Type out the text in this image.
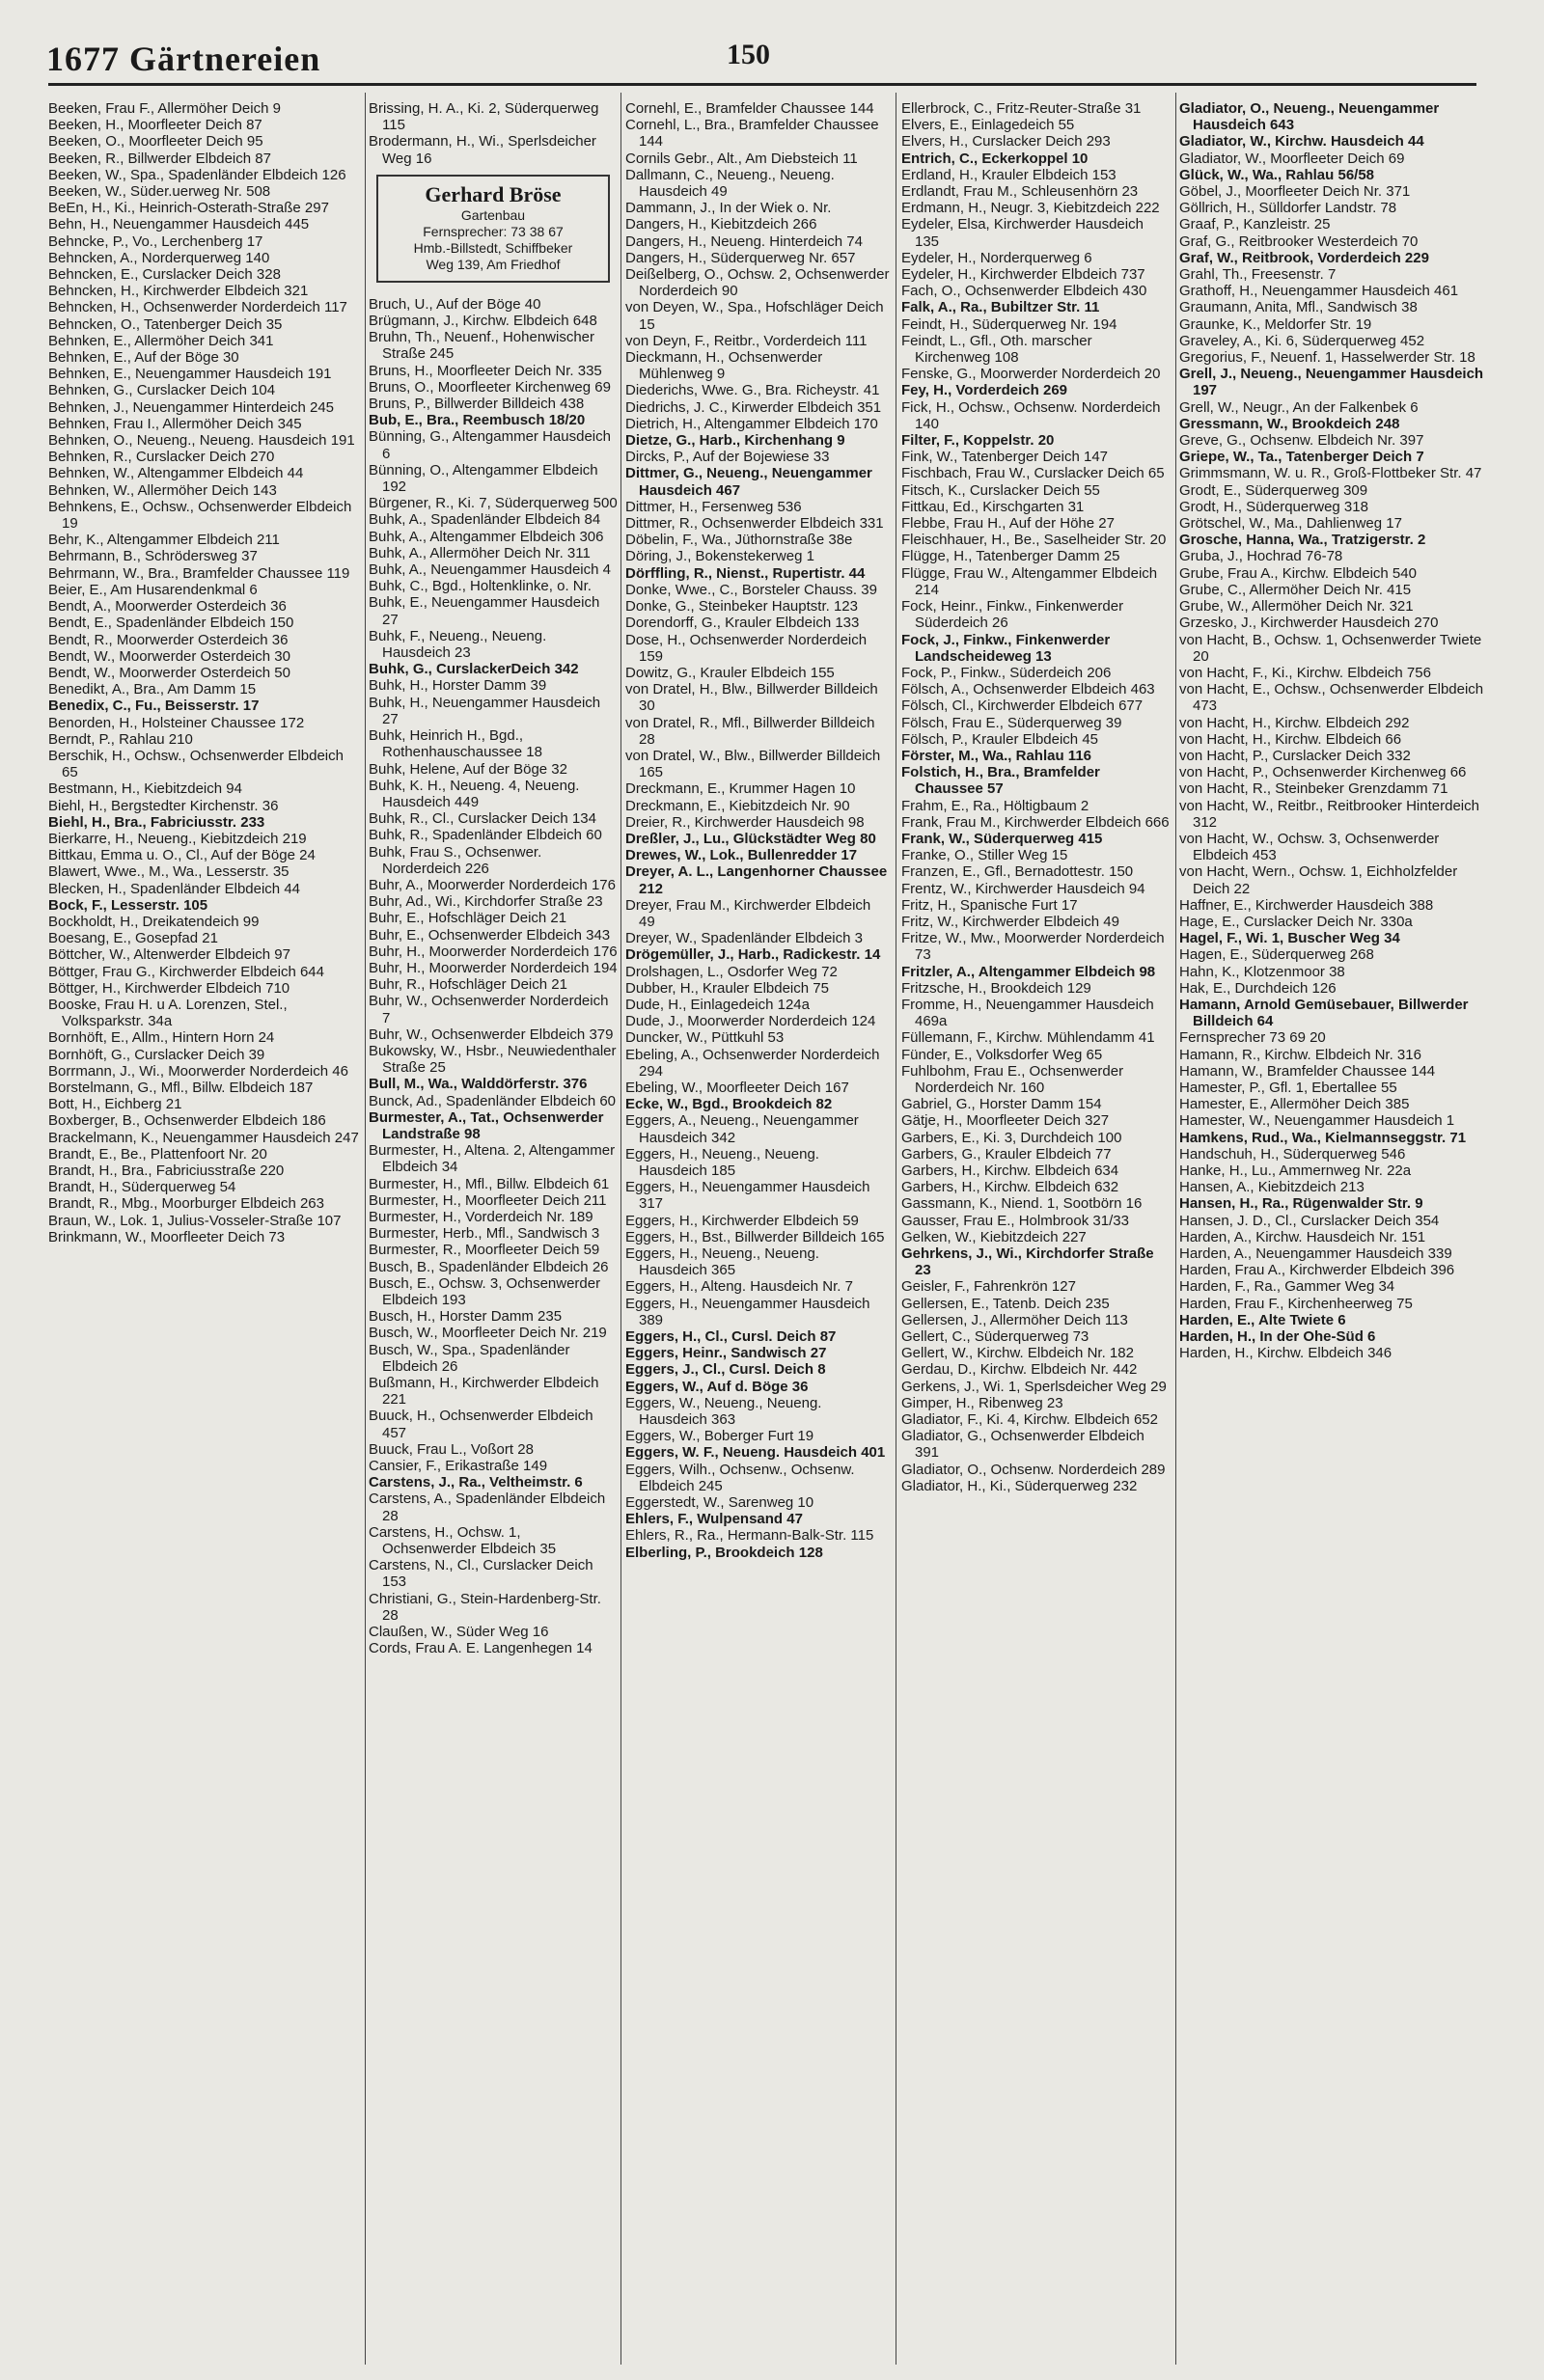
1677 Gärtnereien	150

Beeken, Frau F., Allermöher Deich 9

Beeken, H., Moorfleeter Deich 87

Beeken, O., Moorfleeter Deich 95

Beeken, R., Billwerder Elbdeich 87

Beeken, W., Spa., Spadenländer Elbdeich 126

Beeken, W., Süder.uerweg Nr. 508

BeEn, H., Ki., Heinrich-Osterath-Straße 297

Behn, H., Neuengammer Hausdeich 445

Behncke, P., Vo., Lerchenberg 17

Behncken, A., Norderquerweg 140

Behncken, E., Curslacker Deich 328

Behncken, H., Kirchwerder Elbdeich 321

Behncken, H., Ochsenwerder Norderdeich 117

Behncken, O., Tatenberger Deich 35

Behnken, E., Allermöher Deich 341

Behnken, E., Auf der Böge 30

Behnken, E., Neuengammer Hausdeich 191

Behnken, G., Curslacker Deich 104

Behnken, J., Neuengammer Hinterdeich 245

Behnken, Frau I., Allermöher Deich 345

Behnken, O., Neueng., Neueng. Hausdeich 191

Behnken, R., Curslacker Deich 270

Behnken, W., Altengammer Elbdeich 44

Behnken, W., Allermöher Deich 143

Behnkens, E., Ochsw., Ochsenwerder Elbdeich 19

Behr, K., Altengammer Elbdeich 211

Behrmann, B., Schrödersweg 37

Behrmann, W., Bra., Bramfelder Chaussee 119

Beier, E., Am Husarendenkmal 6

Bendt, A., Moorwerder Osterdeich 36

Bendt, E., Spadenländer Elbdeich 150

Bendt, R., Moorwerder Osterdeich 36

Bendt, W., Moorwerder Osterdeich 30

Bendt, W., Moorwerder Osterdeich 50

Benedikt, A., Bra., Am Damm 15

Benedix, C., Fu., Beisserstr. 17

Benorden, H., Holsteiner Chaussee 172

Berndt, P., Rahlau 210

Berschik, H., Ochsw., Ochsenwerder Elbdeich 65

Bestmann, H., Kiebitzdeich 94

Biehl, H., Bergstedter Kirchenstr. 36

Biehl, H., Bra., Fabriciusstr. 233

Bierkarre, H., Neueng., Kiebitzdeich 219

Bittkau, Emma u. O., Cl., Auf der Böge 24

Blawert, Wwe., M., Wa., Lesserstr. 35

Blecken, H., Spadenländer Elbdeich 44

Bock, F., Lesserstr. 105

Bockholdt, H., Dreikatendeich 99

Boesang, E., Gosepfad 21

Böttcher, W., Altenwerder Elbdeich 97

Böttger, Frau G., Kirchwerder Elbdeich 644

Böttger, H., Kirchwerder Elbdeich 710

Booske, Frau H. u A. Lorenzen, Stel., Volksparkstr. 34a

Bornhöft, E., Allm., Hintern Horn 24

Bornhöft, G., Curslacker Deich 39

Borrmann, J., Wi., Moorwerder Norderdeich 46

Borstelmann, G., Mfl., Billw. Elbdeich 187

Bott, H., Eichberg 21

Boxberger, B., Ochsenwerder Elbdeich 186

Brackelmann, K., Neuengammer Hausdeich 247

Brandt, E., Be., Plattenfoort Nr. 20

Brandt, H., Bra., Fabriciusstraße 220

Brandt, H., Süderquerweg 54

Brandt, R., Mbg., Moorburger Elbdeich 263

Braun, W., Lok. 1, Julius-Vosseler-Straße 107

Brinkmann, W., Moorfleeter Deich 73

Brissing, H. A., Ki. 2, Süderquerweg 115

Brodermann, H., Wi., Sperlsdeicher Weg 16

Gerhard Bröse
Gartenbau
Fernsprecher: 73 38 67
Hmb.-Billstedt, Schiffbeker
Weg 139, Am Friedhof

Bruch, U., Auf der Böge 40

Brügmann, J., Kirchw. Elbdeich 648

Bruhn, Th., Neuenf., Hohenwischer Straße 245

Bruns, H., Moorfleeter Deich Nr. 335

Bruns, O., Moorfleeter Kirchenweg 69

Bruns, P., Billwerder Billdeich 438

Bub, E., Bra., Reembusch 18/20

Bünning, G., Altengammer Hausdeich 6

Bünning, O., Altengammer Elbdeich 192

Bürgener, R., Ki. 7, Süderquerweg 500

Buhk, A., Spadenländer Elbdeich 84

Buhk, A., Altengammer Elbdeich 306

Buhk, A., Allermöher Deich Nr. 311

Buhk, A., Neuengammer Hausdeich 4

Buhk, C., Bgd., Holtenklinke, o. Nr.

Buhk, E., Neuengammer Hausdeich 27

Buhk, F., Neueng., Neueng. Hausdeich 23

Buhk, G., CurslackerDeich 342

Buhk, H., Horster Damm 39

Buhk, H., Neuengammer Hausdeich 27

Buhk, Heinrich H., Bgd., Rothenhauschaussee 18

Buhk, Helene, Auf der Böge 32

Buhk, K. H., Neueng. 4, Neueng. Hausdeich 449

Buhk, R., Cl., Curslacker Deich 134

Buhk, R., Spadenländer Elbdeich 60

Buhk, Frau S., Ochsenwer. Norderdeich 226

Buhr, A., Moorwerder Norderdeich 176

Buhr, Ad., Wi., Kirchdorfer Straße 23

Buhr, E., Hofschläger Deich 21

Buhr, E., Ochsenwerder Elbdeich 343

Buhr, H., Moorwerder Norderdeich 176

Buhr, H., Moorwerder Norderdeich 194

Buhr, R., Hofschläger Deich 21

Buhr, W., Ochsenwerder Norderdeich 7

Buhr, W., Ochsenwerder Elbdeich 379

Bukowsky, W., Hsbr., Neuwiedenthaler Straße 25

Bull, M., Wa., Walddörferstr. 376

Bunck, Ad., Spadenländer Elbdeich 60

Burmester, A., Tat., Ochsenwerder Landstraße 98

Burmester, H., Altena. 2, Altengammer Elbdeich 34

Burmester, H., Mfl., Billw. Elbdeich 61

Burmester, H., Moorfleeter Deich 211

Burmester, H., Vorderdeich Nr. 189

Burmester, Herb., Mfl., Sandwisch 3

Burmester, R., Moorfleeter Deich 59

Busch, B., Spadenländer Elbdeich 26

Busch, E., Ochsw. 3, Ochsenwerder Elbdeich 193

Busch, H., Horster Damm 235

Busch, W., Moorfleeter Deich Nr. 219

Busch, W., Spa., Spadenländer Elbdeich 26

Bußmann, H., Kirchwerder Elbdeich 221

Buuck, H., Ochsenwerder Elbdeich 457

Buuck, Frau L., Voßort 28

Cansier, F., Erikastraße 149

Carstens, J., Ra., Veltheimstr. 6

Carstens, A., Spadenländer Elbdeich 28

Carstens, H., Ochsw. 1, Ochsenwerder Elbdeich 35

Carstens, N., Cl., Curslacker Deich 153

Christiani, G., Stein-Hardenberg-Str. 28

Claußen, W., Süder Weg 16

Cords, Frau A. E. Langenhegen 14

Cornehl, E., Bramfelder Chaussee 144

Cornehl, L., Bra., Bramfelder Chaussee 144

Cornils Gebr., Alt., Am Diebsteich 11

Dallmann, C., Neueng., Neueng. Hausdeich 49

Dammann, J., In der Wiek o. Nr.

Dangers, H., Kiebitzdeich 266

Dangers, H., Neueng. Hinterdeich 74

Dangers, H., Süderquerweg Nr. 657

Deißelberg, O., Ochsw. 2, Ochsenwerder Norderdeich 90

von Deyen, W., Spa., Hofschläger Deich 15

von Deyn, F., Reitbr., Vorderdeich 111

Dieckmann, H., Ochsenwerder Mühlenweg 9

Diederichs, Wwe. G., Bra. Richeystr. 41

Diedrichs, J. C., Kirwerder Elbdeich 351

Dietrich, H., Altengammer Elbdeich 170

Dietze, G., Harb., Kirchenhang 9

Dircks, P., Auf der Bojewiese 33

Dittmer, G., Neueng., Neuengammer Hausdeich 467

Dittmer, H., Fersenweg 536

Dittmer, R., Ochsenwerder Elbdeich 331

Döbelin, F., Wa., Jüthornstraße 38e

Döring, J., Bokenstekerweg 1

Dörffling, R., Nienst., Rupertistr. 44

Donke, Wwe., C., Borsteler Chauss. 39

Donke, G., Steinbeker Hauptstr. 123

Dorendorff, G., Krauler Elbdeich 133

Dose, H., Ochsenwerder Norderdeich 159

Dowitz, G., Krauler Elbdeich 155

von Dratel, H., Blw., Billwerder Billdeich 30

von Dratel, R., Mfl., Billwerder Billdeich 28

von Dratel, W., Blw., Billwerder Billdeich 165

Dreckmann, E., Krummer Hagen 10

Dreckmann, E., Kiebitzdeich Nr. 90

Dreier, R., Kirchwerder Hausdeich 98

Dreßler, J., Lu., Glückstädter Weg 80

Drewes, W., Lok., Bullenredder 17

Dreyer, A. L., Langenhorner Chaussee 212

Dreyer, Frau M., Kirchwerder Elbdeich 49

Dreyer, W., Spadenländer Elbdeich 3

Drögemüller, J., Harb., Radickestr. 14

Drolshagen, L., Osdorfer Weg 72

Dubber, H., Krauler Elbdeich 75

Dude, H., Einlagedeich 124a

Dude, J., Moorwerder Norderdeich 124

Duncker, W., Püttkuhl 53

Ebeling, A., Ochsenwerder Norderdeich 294

Ebeling, W., Moorfleeter Deich 167

Ecke, W., Bgd., Brookdeich 82

Eggers, A., Neueng., Neuengammer Hausdeich 342

Eggers, H., Neueng., Neueng. Hausdeich 185

Eggers, H., Neuengammer Hausdeich 317

Eggers, H., Kirchwerder Elbdeich 59

Eggers, H., Bst., Billwerder Billdeich 165

Eggers, H., Neueng., Neueng. Hausdeich 365

Eggers, H., Alteng. Hausdeich Nr. 7

Eggers, H., Neuengammer Hausdeich 389

Eggers, H., Cl., Cursl. Deich 87

Eggers, Heinr., Sandwisch 27

Eggers, J., Cl., Cursl. Deich 8

Eggers, W., Auf d. Böge 36

Eggers, W., Neueng., Neueng. Hausdeich 363

Eggers, W., Boberger Furt 19

Eggers, W. F., Neueng. Hausdeich 401

Eggers, Wilh., Ochsenw., Ochsenw. Elbdeich 245

Eggerstedt, W., Sarenweg 10

Ehlers, F., Wulpensand 47

Ehlers, R., Ra., Hermann-Balk-Str. 115

Elberling, P., Brookdeich 128

Ellerbrock, C., Fritz-Reuter-Straße 31

Elvers, E., Einlagedeich 55

Elvers, H., Curslacker Deich 293

Entrich, C., Eckerkoppel 10

Erdland, H., Krauler Elbdeich 153

Erdlandt, Frau M., Schleusenhörn 23

Erdmann, H., Neugr. 3, Kiebitzdeich 222

Eydeler, Elsa, Kirchwerder Hausdeich 135

Eydeler, H., Norderquerweg 6

Eydeler, H., Kirchwerder Elbdeich 737

Fach, O., Ochsenwerder Elbdeich 430

Falk, A., Ra., Bubiltzer Str. 11

Feindt, H., Süderquerweg Nr. 194

Feindt, L., Gfl., Oth. marscher Kirchenweg 108

Fenske, G., Moorwerder Norderdeich 20

Fey, H., Vorderdeich 269

Fick, H., Ochsw., Ochsenw. Norderdeich 140

Filter, F., Koppelstr. 20

Fink, W., Tatenberger Deich 147

Fischbach, Frau W., Curslacker Deich 65

Fitsch, K., Curslacker Deich 55

Fittkau, Ed., Kirschgarten 31

Flebbe, Frau H., Auf der Höhe 27

Fleischhauer, H., Be., Saselheider Str. 20

Flügge, H., Tatenberger Damm 25

Flügge, Frau W., Altengammer Elbdeich 214

Fock, Heinr., Finkw., Finkenwerder Süderdeich 26

Fock, J., Finkw., Finkenwerder Landscheideweg 13

Fock, P., Finkw., Süderdeich 206

Fölsch, A., Ochsenwerder Elbdeich 463

Fölsch, Cl., Kirchwerder Elbdeich 677

Fölsch, Frau E., Süderquerweg 39

Fölsch, P., Krauler Elbdeich 45

Förster, M., Wa., Rahlau 116

Folstich, H., Bra., Bramfelder Chaussee 57

Frahm, E., Ra., Höltigbaum 2

Frank, Frau M., Kirchwerder Elbdeich 666

Frank, W., Süderquerweg 415

Franke, O., Stiller Weg 15

Franzen, E., Gfl., Bernadottestr. 150

Frentz, W., Kirchwerder Hausdeich 94

Fritz, H., Spanische Furt 17

Fritz, W., Kirchwerder Elbdeich 49

Fritze, W., Mw., Moorwerder Norderdeich 73

Fritzler, A., Altengammer Elbdeich 98

Fritzsche, H., Brookdeich 129

Fromme, H., Neuengammer Hausdeich 469a

Füllemann, F., Kirchw. Mühlendamm 41

Fünder, E., Volksdorfer Weg 65

Fuhlbohm, Frau E., Ochsenwerder Norderdeich Nr. 160

Gabriel, G., Horster Damm 154

Gätje, H., Moorfleeter Deich 327

Garbers, E., Ki. 3, Durchdeich 100

Garbers, G., Krauler Elbdeich 77

Garbers, H., Kirchw. Elbdeich 634

Garbers, H., Kirchw. Elbdeich 632

Gassmann, K., Niend. 1, Sootbörn 16

Gausser, Frau E., Holmbrook 31/33

Gelken, W., Kiebitzdeich 227

Gehrkens, J., Wi., Kirchdorfer Straße 23

Geisler, F., Fahrenkrön 127

Gellersen, E., Tatenb. Deich 235

Gellersen, J., Allermöher Deich 113

Gellert, C., Süderquerweg 73

Gellert, W., Kirchw. Elbdeich Nr. 182

Gerdau, D., Kirchw. Elbdeich Nr. 442

Gerkens, J., Wi. 1, Sperlsdeicher Weg 29

Gimper, H., Ribenweg 23

Gladiator, F., Ki. 4, Kirchw. Elbdeich 652

Gladiator, G., Ochsenwerder Elbdeich 391

Gladiator, O., Ochsenw. Norderdeich 289

Gladiator, H., Ki., Süderquerweg 232

Gladiator, O., Neueng., Neuengammer Hausdeich 643

Gladiator, W., Kirchw. Hausdeich 44

Gladiator, W., Moorfleeter Deich 69

Glück, W., Wa., Rahlau 56/58

Göbel, J., Moorfleeter Deich Nr. 371

Göllrich, H., Sülldorfer Landstr. 78

Graaf, P., Kanzleistr. 25

Graf, G., Reitbrooker Westerdeich 70

Graf, W., Reitbrook, Vorderdeich 229

Grahl, Th., Freesenstr. 7

Grathoff, H., Neuengammer Hausdeich 461

Graumann, Anita, Mfl., Sandwisch 38

Graunke, K., Meldorfer Str. 19

Graveley, A., Ki. 6, Süderquerweg 452

Gregorius, F., Neuenf. 1, Hasselwerder Str. 18

Grell, J., Neueng., Neuengammer Hausdeich 197

Grell, W., Neugr., An der Falkenbek 6

Gressmann, W., Brookdeich 248

Greve, G., Ochsenw. Elbdeich Nr. 397

Griepe, W., Ta., Tatenberger Deich 7

Grimmsmann, W. u. R., Groß-Flottbeker Str. 47

Grodt, E., Süderquerweg 309

Grodt, H., Süderquerweg 318

Grötschel, W., Ma., Dahlienweg 17

Grosche, Hanna, Wa., Tratzigerstr. 2

Gruba, J., Hochrad 76-78

Grube, Frau A., Kirchw. Elbdeich 540

Grube, C., Allermöher Deich Nr. 415

Grube, W., Allermöher Deich Nr. 321

Grzesko, J., Kirchwerder Hausdeich 270

von Hacht, B., Ochsw. 1, Ochsenwerder Twiete 20

von Hacht, F., Ki., Kirchw. Elbdeich 756

von Hacht, E., Ochsw., Ochsenwerder Elbdeich 473

von Hacht, H., Kirchw. Elbdeich 292

von Hacht, H., Kirchw. Elbdeich 66

von Hacht, P., Curslacker Deich 332

von Hacht, P., Ochsenwerder Kirchenweg 66

von Hacht, R., Steinbeker Grenzdamm 71

von Hacht, W., Reitbr., Reitbrooker Hinterdeich 312

von Hacht, W., Ochsw. 3, Ochsenwerder Elbdeich 453

von Hacht, Wern., Ochsw. 1, Eichholzfelder Deich 22

Haffner, E., Kirchwerder Hausdeich 388

Hage, E., Curslacker Deich Nr. 330a

Hagel, F., Wi. 1, Buscher Weg 34

Hagen, E., Süderquerweg 268

Hahn, K., Klotzenmoor 38

Hak, E., Durchdeich 126

Hamann, Arnold Gemüsebauer, Billwerder Billdeich 64

Fernsprecher 73 69 20

Hamann, R., Kirchw. Elbdeich Nr. 316

Hamann, W., Bramfelder Chaussee 144

Hamester, P., Gfl. 1, Ebertallee 55

Hamester, E., Allermöher Deich 385

Hamester, W., Neuengammer Hausdeich 1

Hamkens, Rud., Wa., Kielmannseggstr. 71

Handschuh, H., Süderquerweg 546

Hanke, H., Lu., Ammernweg Nr. 22a

Hansen, A., Kiebitzdeich 213

Hansen, H., Ra., Rügenwalder Str. 9

Hansen, J. D., Cl., Curslacker Deich 354

Harden, A., Kirchw. Hausdeich Nr. 151

Harden, A., Neuengammer Hausdeich 339

Harden, Frau A., Kirchwerder Elbdeich 396

Harden, F., Ra., Gammer Weg 34

Harden, Frau F., Kirchenheerweg 75

Harden, E., Alte Twiete 6

Harden, H., In der Ohe-Süd 6

Harden, H., Kirchw. Elbdeich 346
